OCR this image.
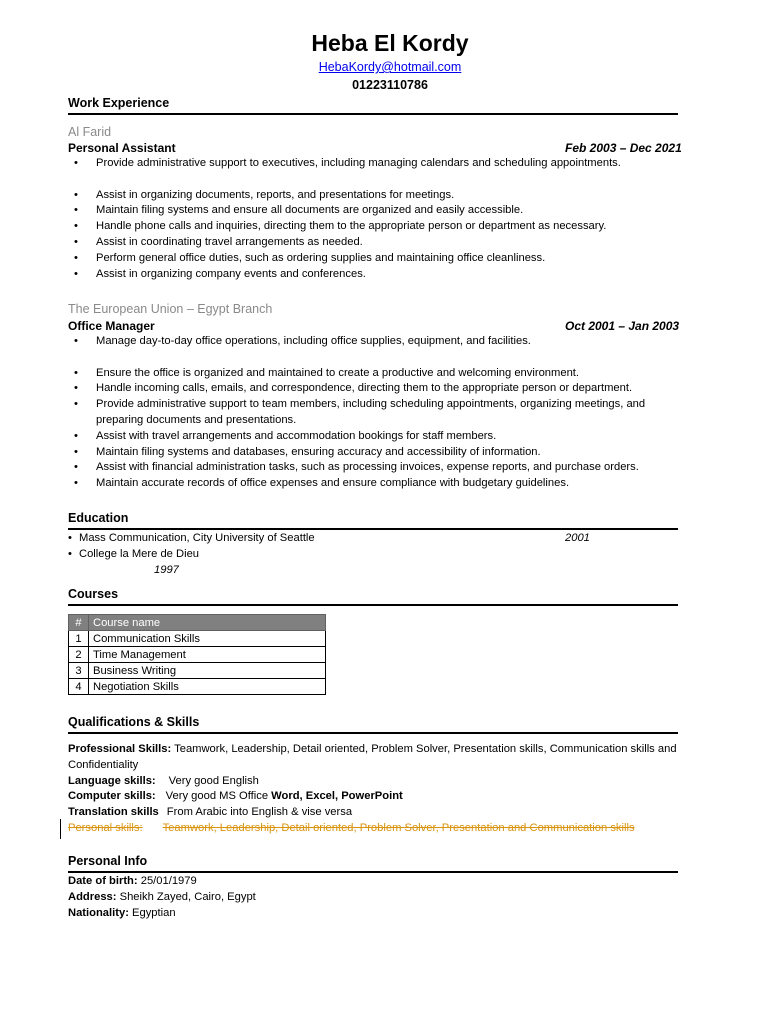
Heba El Kordy
HebaKordy@hotmail.com
01223110786
Work Experience
Al Farid
Personal Assistant	Feb 2003 – Dec 2021
• Provide administrative support to executives, including managing calendars and scheduling appointments.
• Assist in organizing documents, reports, and presentations for meetings.
• Maintain filing systems and ensure all documents are organized and easily accessible.
• Handle phone calls and inquiries, directing them to the appropriate person or department as necessary.
• Assist in coordinating travel arrangements as needed.
• Perform general office duties, such as ordering supplies and maintaining office cleanliness.
• Assist in organizing company events and conferences.
The European Union – Egypt Branch
Office Manager	Oct 2001 – Jan 2003
• Manage day-to-day office operations, including office supplies, equipment, and facilities.
• Ensure the office is organized and maintained to create a productive and welcoming environment.
• Handle incoming calls, emails, and correspondence, directing them to the appropriate person or department.
• Provide administrative support to team members, including scheduling appointments, organizing meetings, and preparing documents and presentations.
• Assist with travel arrangements and accommodation bookings for staff members.
• Maintain filing systems and databases, ensuring accuracy and accessibility of information.
• Assist with financial administration tasks, such as processing invoices, expense reports, and purchase orders.
• Maintain accurate records of office expenses and ensure compliance with budgetary guidelines.
Education
• Mass Communication, City University of Seattle	2001
• College la Mere de Dieu
1997
Courses
#	Course name
1	Communication Skills
2	Time Management
3	Business Writing
4	Negotiation Skills
Qualifications & Skills
Professional Skills: Teamwork, Leadership, Detail oriented, Problem Solver, Presentation skills, Communication skills and Confidentiality
Language skills: Very good English
Computer skills: Very good MS Office Word, Excel, PowerPoint
Translation skills From Arabic into English & vise versa
Personal skills: Teamwork, Leadership, Detail oriented, Problem Solver, Presentation and Communication skills
Personal Info
Date of birth: 25/01/1979
Address: Sheikh Zayed, Cairo, Egypt
Nationality: Egyptian
